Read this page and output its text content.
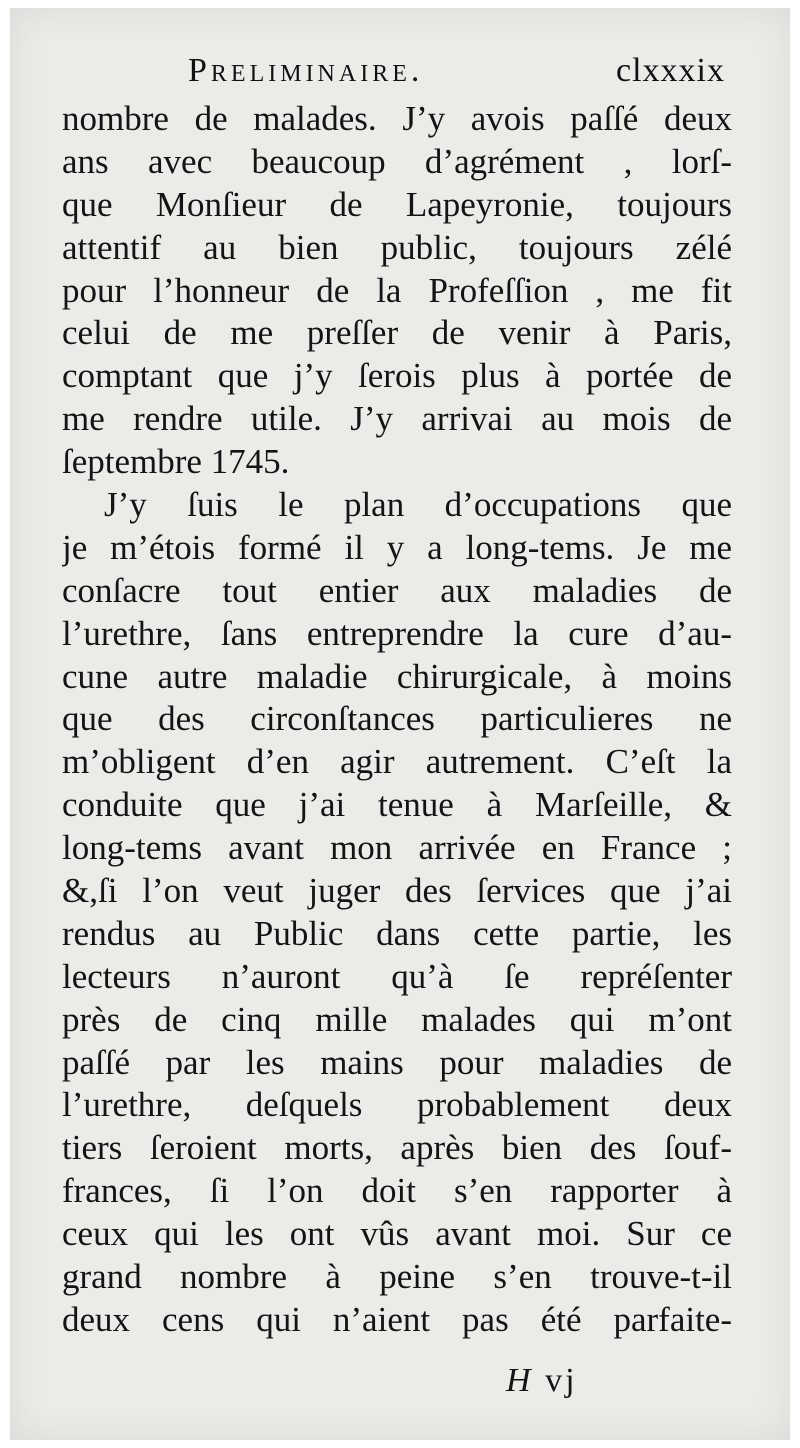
Preliminaire.	clxxxix
nombre de malades. J’y avois paſſé deux
ans avec beaucoup d’agrément , lorſ-
que Monſieur de Lapeyronie, toujours
attentif au bien public, toujours zélé
pour l’honneur de la Profeſſion , me fit
celui de me preſſer de venir à Paris,
comptant que j’y ſerois plus à portée de
me rendre utile. J’y arrivai au mois de
ſeptembre 1745.
J’y ſuis le plan d’occupations que
je m’étois formé il y a long-tems. Je me
conſacre tout entier aux maladies de
l’urethre, ſans entreprendre la cure d’au-
cune autre maladie chirurgicale, à moins
que des circonſtances particulieres ne
m’obligent d’en agir autrement. C’eſt la
conduite que j’ai tenue à Marſeille, &
long-tems avant mon arrivée en France ;
&,ſi l’on veut juger des ſervices que j’ai
rendus au Public dans cette partie, les
lecteurs n’auront qu’à ſe repréſenter
près de cinq mille malades qui m’ont
paſſé par les mains pour maladies de
l’urethre, deſquels probablement deux
tiers ſeroient morts, après bien des ſouf-
frances, ſi l’on doit s’en rapporter à
ceux qui les ont vûs avant moi. Sur ce
grand nombre à peine s’en trouve-t-il
deux cens qui n’aient pas été parfaite-
H vj
